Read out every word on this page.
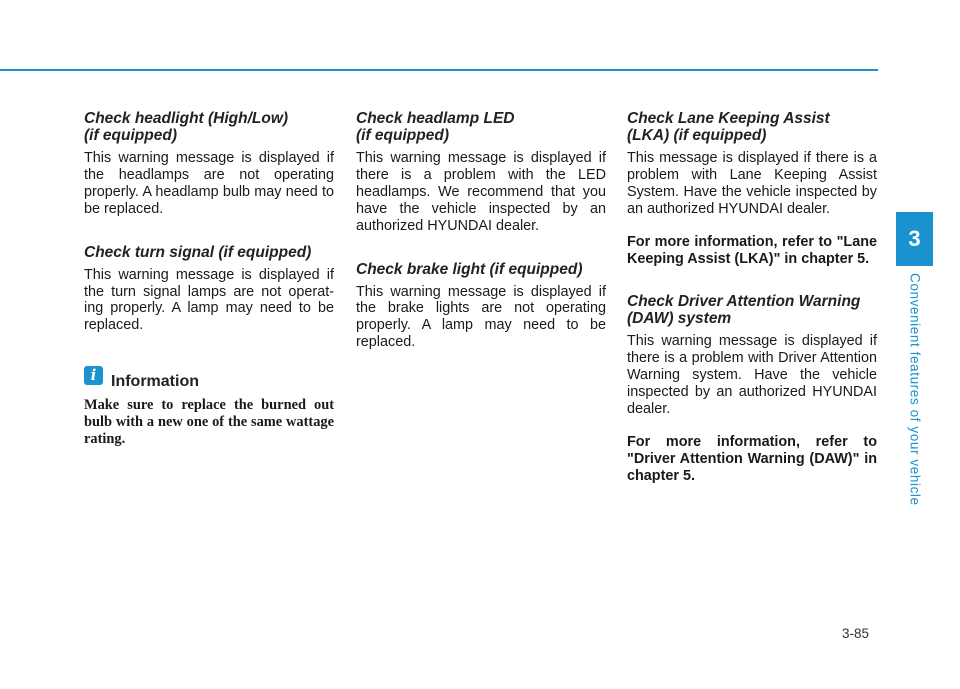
Check headlight (High/Low)
(if equipped)

This warning message is displayed if the headlamps are not operating properly. A headlamp bulb may need to be replaced.

Check turn signal (if equipped)

This warning message is displayed if the turn signal lamps are not operat-ing properly. A lamp may need to be replaced.

i Information
Make sure to replace the burned out bulb with a new one of the same wattage rating.
Check headlamp LED
(if equipped)

This warning message is displayed if there is a problem with the LED headlamps. We recommend that you have the vehicle inspected by an authorized HYUNDAI dealer.

Check brake light (if equipped)

This warning message is displayed if the brake lights are not operating properly. A lamp may need to be replaced.

Check Lane Keeping Assist
(LKA) (if equipped)

This message is displayed if there is a problem with Lane Keeping Assist System. Have the vehicle inspected by an authorized HYUNDAI dealer.

For more information, refer to "Lane Keeping Assist (LKA)" in chapter 5.

Check Driver Attention Warning
(DAW) system

This warning message is displayed if there is a problem with Driver Attention Warning system. Have the vehicle inspected by an authorized HYUNDAI dealer.

For more information, refer to "Driver Attention Warning (DAW)" in chapter 5.

3
Convenient features of your vehicle
3-85
